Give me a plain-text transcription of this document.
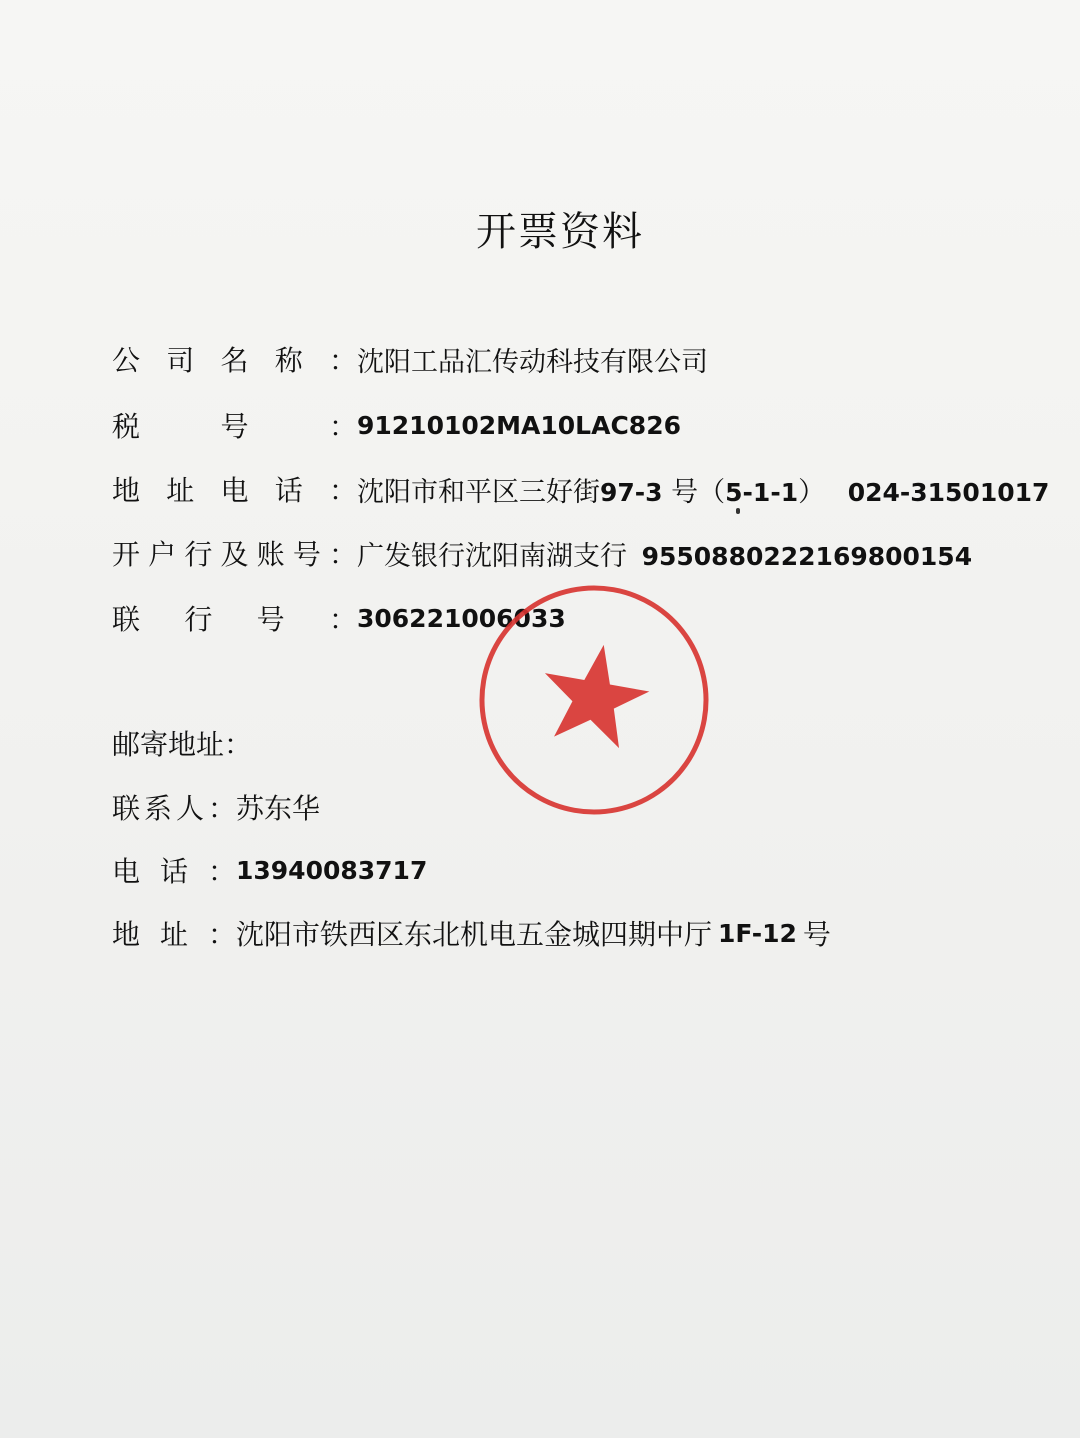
开票资料
公司名称： 沈阳工品汇传动科技有限公司
税号： 91210102MA10LAC826
地址电话： 沈阳市和平区三好街97-3 号（5-1-1） 024-31501017
开户行及账号： 广发银行沈阳南湖支行 9550880222169800154
联行号： 306221006033
邮寄地址：
联系人： 苏东华
电话： 13940083717
地址： 沈阳市铁西区东北机电五金城四期中厅 1F-12 号
